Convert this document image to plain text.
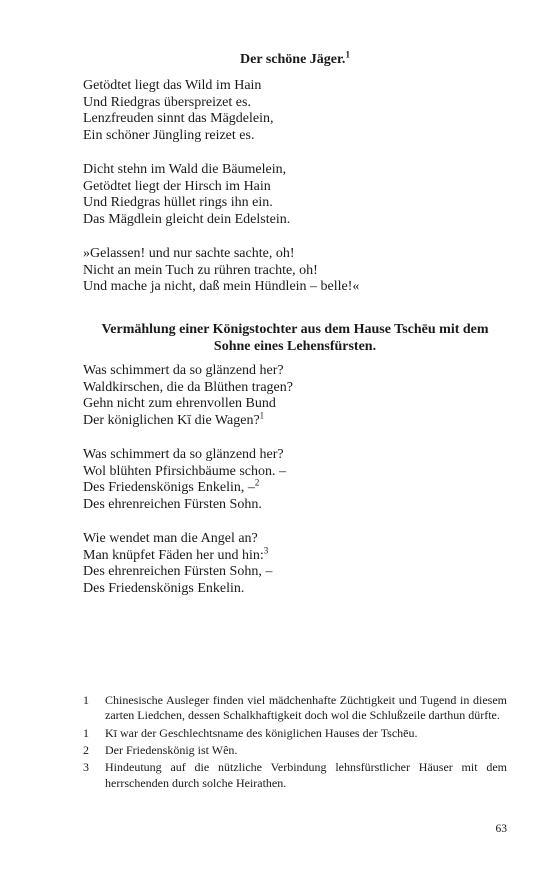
Der schöne Jäger.$^1$
Getödtet liegt das Wild im Hain
Und Riedgras überspreizet es.
Lenzfreuden sinnt das Mägdelein,
Ein schöner Jüngling reizet es.
Dicht stehn im Wald die Bäumelein,
Getödtet liegt der Hirsch im Hain
Und Riedgras hüllet rings ihn ein.
Das Mägdlein gleicht dein Edelstein.
»Gelassen! und nur sachte sachte, oh!
Nicht an mein Tuch zu rühren trachte, oh!
Und mache ja nicht, daß mein Hündlein – belle!«
Vermählung einer Königstochter aus dem Hause Tschēu mit dem
Sohne eines Lehensfürsten.
Was schimmert da so glänzend her?
Waldkirschen, die da Blüthen tragen?
Gehn nicht zum ehrenvollen Bund
Der königlichen Kī die Wagen?$^1$
Was schimmert da so glänzend her?
Wol blühten Pfirsichbäume schon. –
Des Friedenskönigs Enkelin, –$^2$
Des ehrenreichen Fürsten Sohn.
Wie wendet man die Angel an?
Man knüpfet Fäden her und hin:$^3$
Des ehrenreichen Fürsten Sohn, –
Des Friedenskönigs Enkelin.
1	Chinesische Ausleger finden viel mädchenhafte Züchtigkeit und Tugend in diesem zarten Liedchen, dessen Schalkhaftigkeit doch wol die Schlußzeile darthun dürfte.
1	Kī war der Geschlechtsname des königlichen Hauses der Tschēu.
2	Der Friedenskönig ist Wên.
3	Hindeutung auf die nützliche Verbindung lehnsfürstlicher Häuser mit dem herrschenden durch solche Heirathen.
63
